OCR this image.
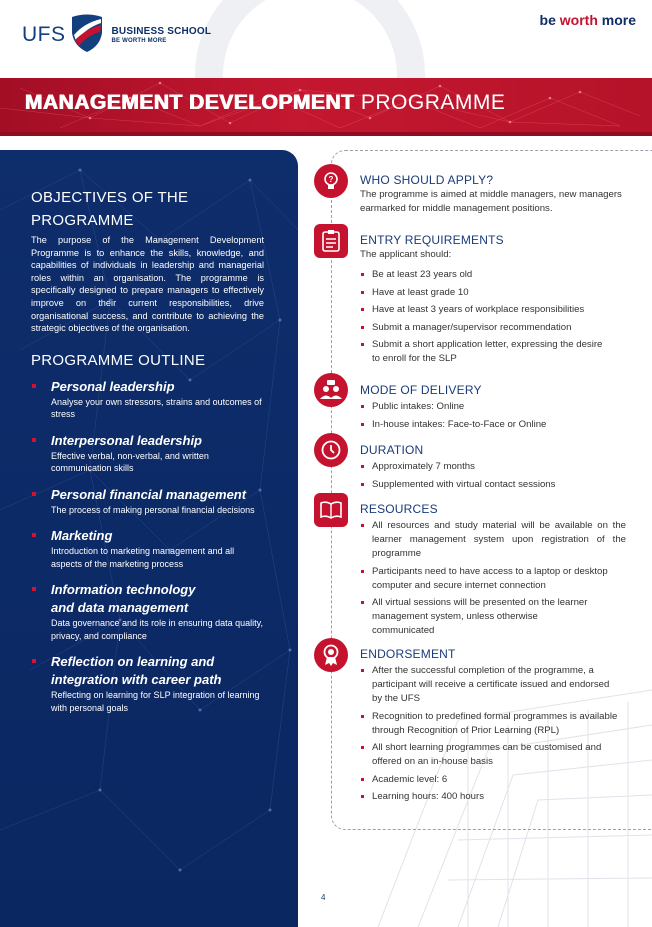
UFS	BUSINESS SCHOOL
BE WORTH MORE
be worth more
MANAGEMENT DEVELOPMENT PROGRAMME
OBJECTIVES OF THE
PROGRAMME

The purpose of the Management Development Programme is to enhance the skills, knowledge, and capabilities of individuals in leadership and managerial roles within an organisation. The programme is specifically designed to prepare managers to effectively improve on their current responsibilities, drive organisational success, and contribute to achieving the strategic objectives of the organisation.

PROGRAMME OUTLINE
Personal leadership
Analyse your own stressors, strains and outcomes of stress
Interpersonal leadership
Effective verbal, non-verbal, and written communication skills
Personal financial management
The process of making personal financial decisions
Marketing
Introduction to marketing management and all aspects of the marketing process
Information technology and data management
Data governance and its role in ensuring data quality, privacy, and compliance
Reflection on learning and integration with career path
Reflecting on learning for SLP integration of learning with personal goals
? WHO SHOULD APPLY?
The programme is aimed at middle managers, new managers earmarked for middle management positions.
ENTRY REQUIREMENTS
The applicant should:
Be at least 23 years old
Have at least grade 10
Have at least 3 years of workplace responsibilities
Submit a manager/supervisor recommendation
Submit a short application letter, expressing the desire to enroll for the SLP
MODE OF DELIVERY
Public intakes: Online
In-house intakes: Face-to-Face or Online
DURATION
Approximately 7 months
Supplemented with virtual contact sessions
RESOURCES
All resources and study material will be available on the learner management system upon registration of the programme
Participants need to have access to a laptop or desktop computer and secure internet connection
All virtual sessions will be presented on the learner management system, unless otherwise communicated
ENDORSEMENT
After the successful completion of the programme, a participant will receive a certificate issued and endorsed by the UFS
Recognition to predefined formal programmes is available through Recognition of Prior Learning (RPL)
All short learning programmes can be customised and offered on an in-house basis
Academic level: 6
Learning hours: 400 hours
4
